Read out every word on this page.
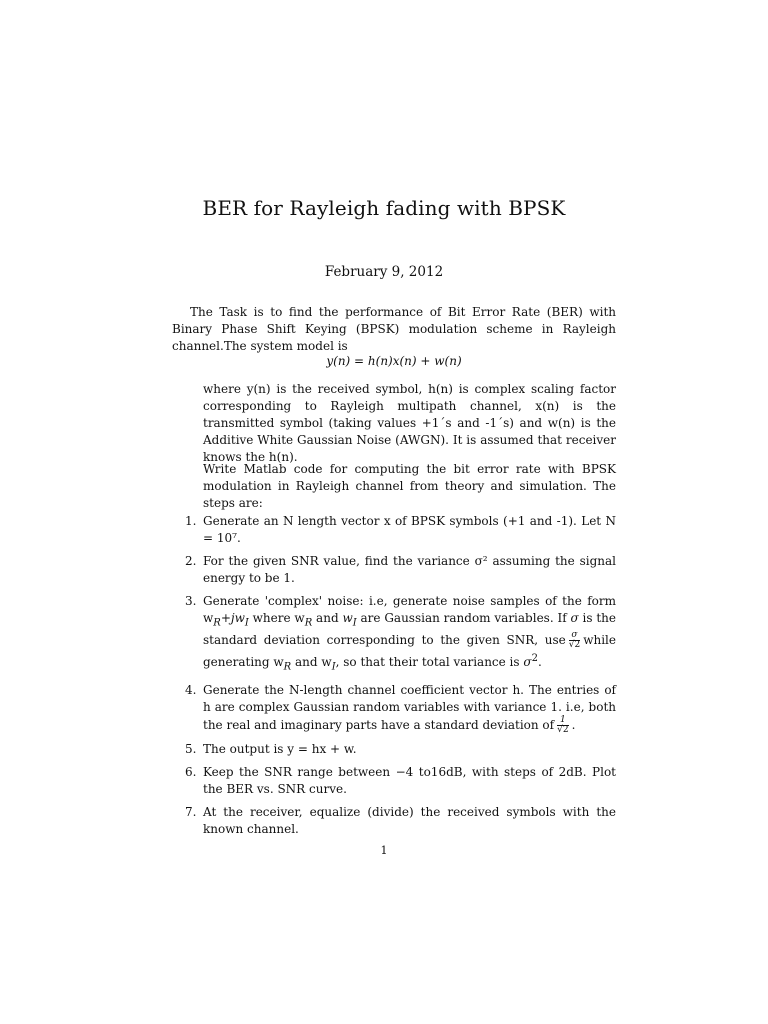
BER for Rayleigh fading with BPSK
February 9, 2012
The Task is to find the performance of Bit Error Rate (BER) with Binary Phase Shift Keying (BPSK) modulation scheme in Rayleigh channel.The system model is
y(n) = h(n)x(n) + w(n)
where y(n) is the received symbol, h(n) is complex scaling factor corresponding to Rayleigh multipath channel, x(n) is the transmitted symbol (taking values +1´s and -1´s) and w(n) is the Additive White Gaussian Noise (AWGN). It is assumed that receiver knows the h(n).
Write Matlab code for computing the bit error rate with BPSK modulation in Rayleigh channel from theory and simulation. The steps are:
1. Generate an N length vector x of BPSK symbols (+1 and -1). Let N = 10⁷.
2. For the given SNR value, find the variance σ² assuming the signal energy to be 1.
3. Generate 'complex' noise: i.e, generate noise samples of the form $w_R+jw_I$ where $w_R$ and $w_I$ are Gaussian random variables. If σ is the standard deviation corresponding to the given SNR, use $\frac{\sigma}{√2}$ while generating $w_R$ and $w_I$, so that their total variance is $\sigma^2$.
4. Generate the N-length channel coefficient vector h. The entries of h are complex Gaussian random variables with variance 1. i.e, both the real and imaginary parts have a standard deviation of $\frac{1}{√2}$ .
5. The output is y = hx + w.
6. Keep the SNR range between −4 to16dB, with steps of 2dB. Plot the BER vs. SNR curve.
7. At the receiver, equalize (divide) the received symbols with the known channel.
1
